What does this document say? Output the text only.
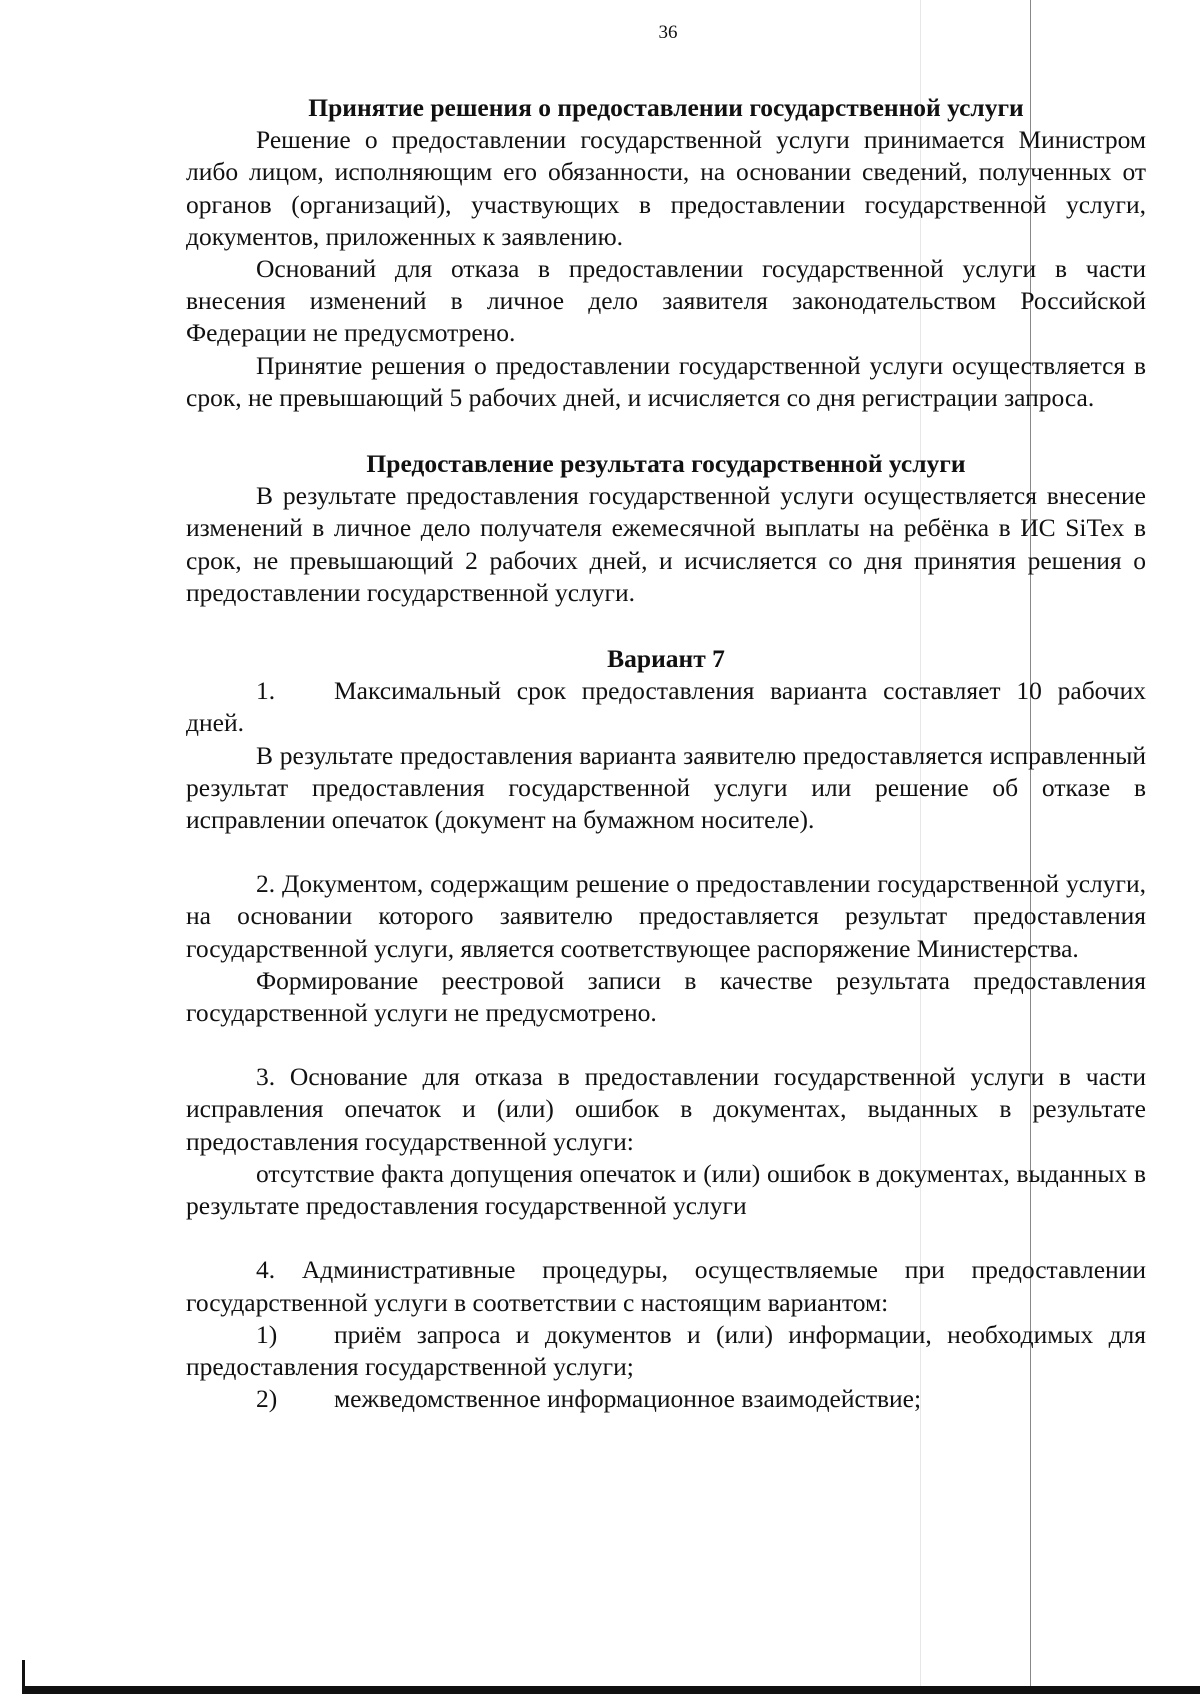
36

Принятие решения о предоставлении государственной услуги

Решение о предоставлении государственной услуги принимается Министром либо лицом, исполняющим его обязанности, на основании сведений, полученных от органов (организаций), участвующих в предоставлении государственной услуги, документов, приложенных к заявлению.

Оснований для отказа в предоставлении государственной услуги в части внесения изменений в личное дело заявителя законодательством Российской Федерации не предусмотрено.

Принятие решения о предоставлении государственной услуги осуществляется в срок, не превышающий 5 рабочих дней, и исчисляется со дня регистрации запроса.

Предоставление результата государственной услуги

В результате предоставления государственной услуги осуществляется внесение изменений в личное дело получателя ежемесячной выплаты на ребёнка в ИС SiTex в срок, не превышающий 2 рабочих дней, и исчисляется со дня принятия решения о предоставлении государственной услуги.

Вариант 7

1. Максимальный срок предоставления варианта составляет 10 рабочих дней.

В результате предоставления варианта заявителю предоставляется исправленный результат предоставления государственной услуги или решение об отказе в исправлении опечаток (документ на бумажном носителе).

2. Документом, содержащим решение о предоставлении государственной услуги, на основании которого заявителю предоставляется результат предоставления государственной услуги, является соответствующее распоряжение Министерства.

Формирование реестровой записи в качестве результата предоставления государственной услуги не предусмотрено.

3. Основание для отказа в предоставлении государственной услуги в части исправления опечаток и (или) ошибок в документах, выданных в результате предоставления государственной услуги:

отсутствие факта допущения опечаток и (или) ошибок в документах, выданных в результате предоставления государственной услуги

4. Административные процедуры, осуществляемые при предоставлении государственной услуги в соответствии с настоящим вариантом:

1) приём запроса и документов и (или) информации, необходимых для предоставления государственной услуги;

2) межведомственное информационное взаимодействие;
